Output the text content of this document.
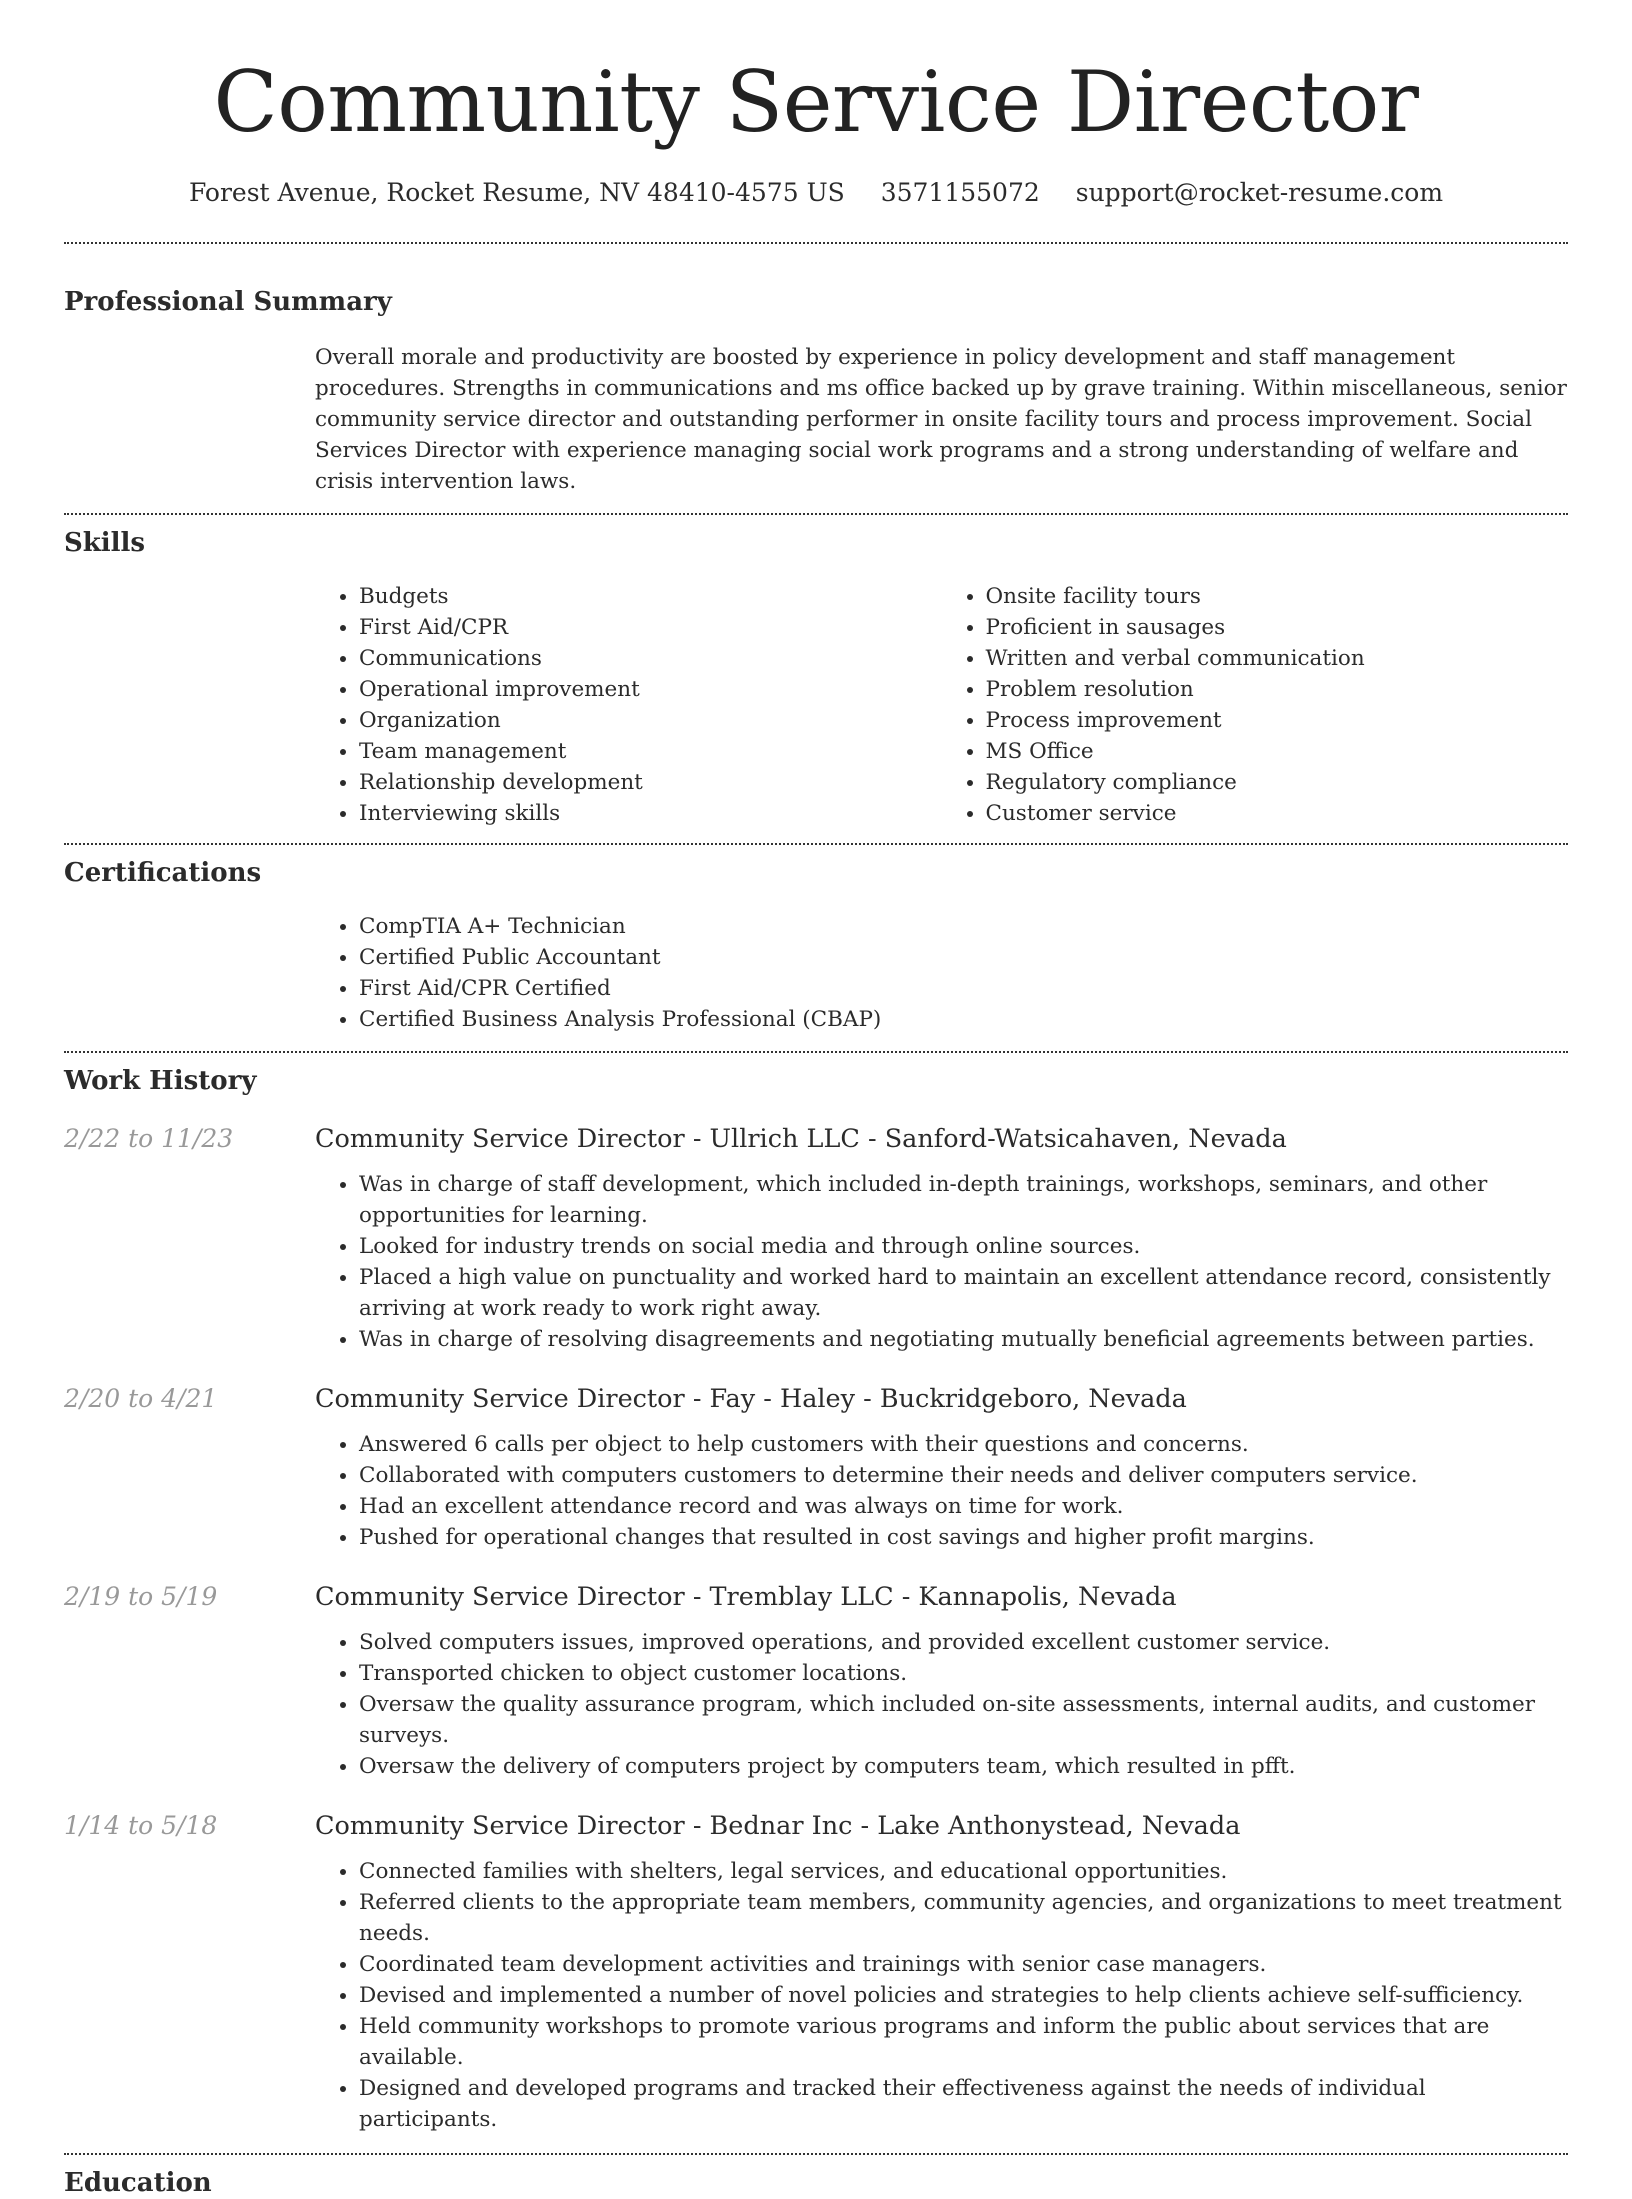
Community Service Director
Forest Avenue, Rocket Resume, NV 48410-4575 US 3571155072 support@rocket-resume.com
Professional Summary
Overall morale and productivity are boosted by experience in policy development and staff management procedures. Strengths in communications and ms office backed up by grave training. Within miscellaneous, senior community service director and outstanding performer in onsite facility tours and process improvement. Social Services Director with experience managing social work programs and a strong understanding of welfare and crisis intervention laws.
Skills
• Budgets
• First Aid/CPR
• Communications
• Operational improvement
• Organization
• Team management
• Relationship development
• Interviewing skills
• Onsite facility tours
• Proficient in sausages
• Written and verbal communication
• Problem resolution
• Process improvement
• MS Office
• Regulatory compliance
• Customer service
Certifications
• CompTIA A+ Technician
• Certified Public Accountant
• First Aid/CPR Certified
• Certified Business Analysis Professional (CBAP)
Work History
2/22 to 11/23	Community Service Director - Ullrich LLC - Sanford-Watsicahaven, Nevada
• Was in charge of staff development, which included in-depth trainings, workshops, seminars, and other opportunities for learning.
• Looked for industry trends on social media and through online sources.
• Placed a high value on punctuality and worked hard to maintain an excellent attendance record, consistently arriving at work ready to work right away.
• Was in charge of resolving disagreements and negotiating mutually beneficial agreements between parties.
2/20 to 4/21	Community Service Director - Fay - Haley - Buckridgeboro, Nevada
• Answered 6 calls per object to help customers with their questions and concerns.
• Collaborated with computers customers to determine their needs and deliver computers service.
• Had an excellent attendance record and was always on time for work.
• Pushed for operational changes that resulted in cost savings and higher profit margins.
2/19 to 5/19	Community Service Director - Tremblay LLC - Kannapolis, Nevada
• Solved computers issues, improved operations, and provided excellent customer service.
• Transported chicken to object customer locations.
• Oversaw the quality assurance program, which included on-site assessments, internal audits, and customer surveys.
• Oversaw the delivery of computers project by computers team, which resulted in pfft.
1/14 to 5/18	Community Service Director - Bednar Inc - Lake Anthonystead, Nevada
• Connected families with shelters, legal services, and educational opportunities.
• Referred clients to the appropriate team members, community agencies, and organizations to meet treatment needs.
• Coordinated team development activities and trainings with senior case managers.
• Devised and implemented a number of novel policies and strategies to help clients achieve self-sufficiency.
• Held community workshops to promote various programs and inform the public about services that are available.
• Designed and developed programs and tracked their effectiveness against the needs of individual participants.
Education
